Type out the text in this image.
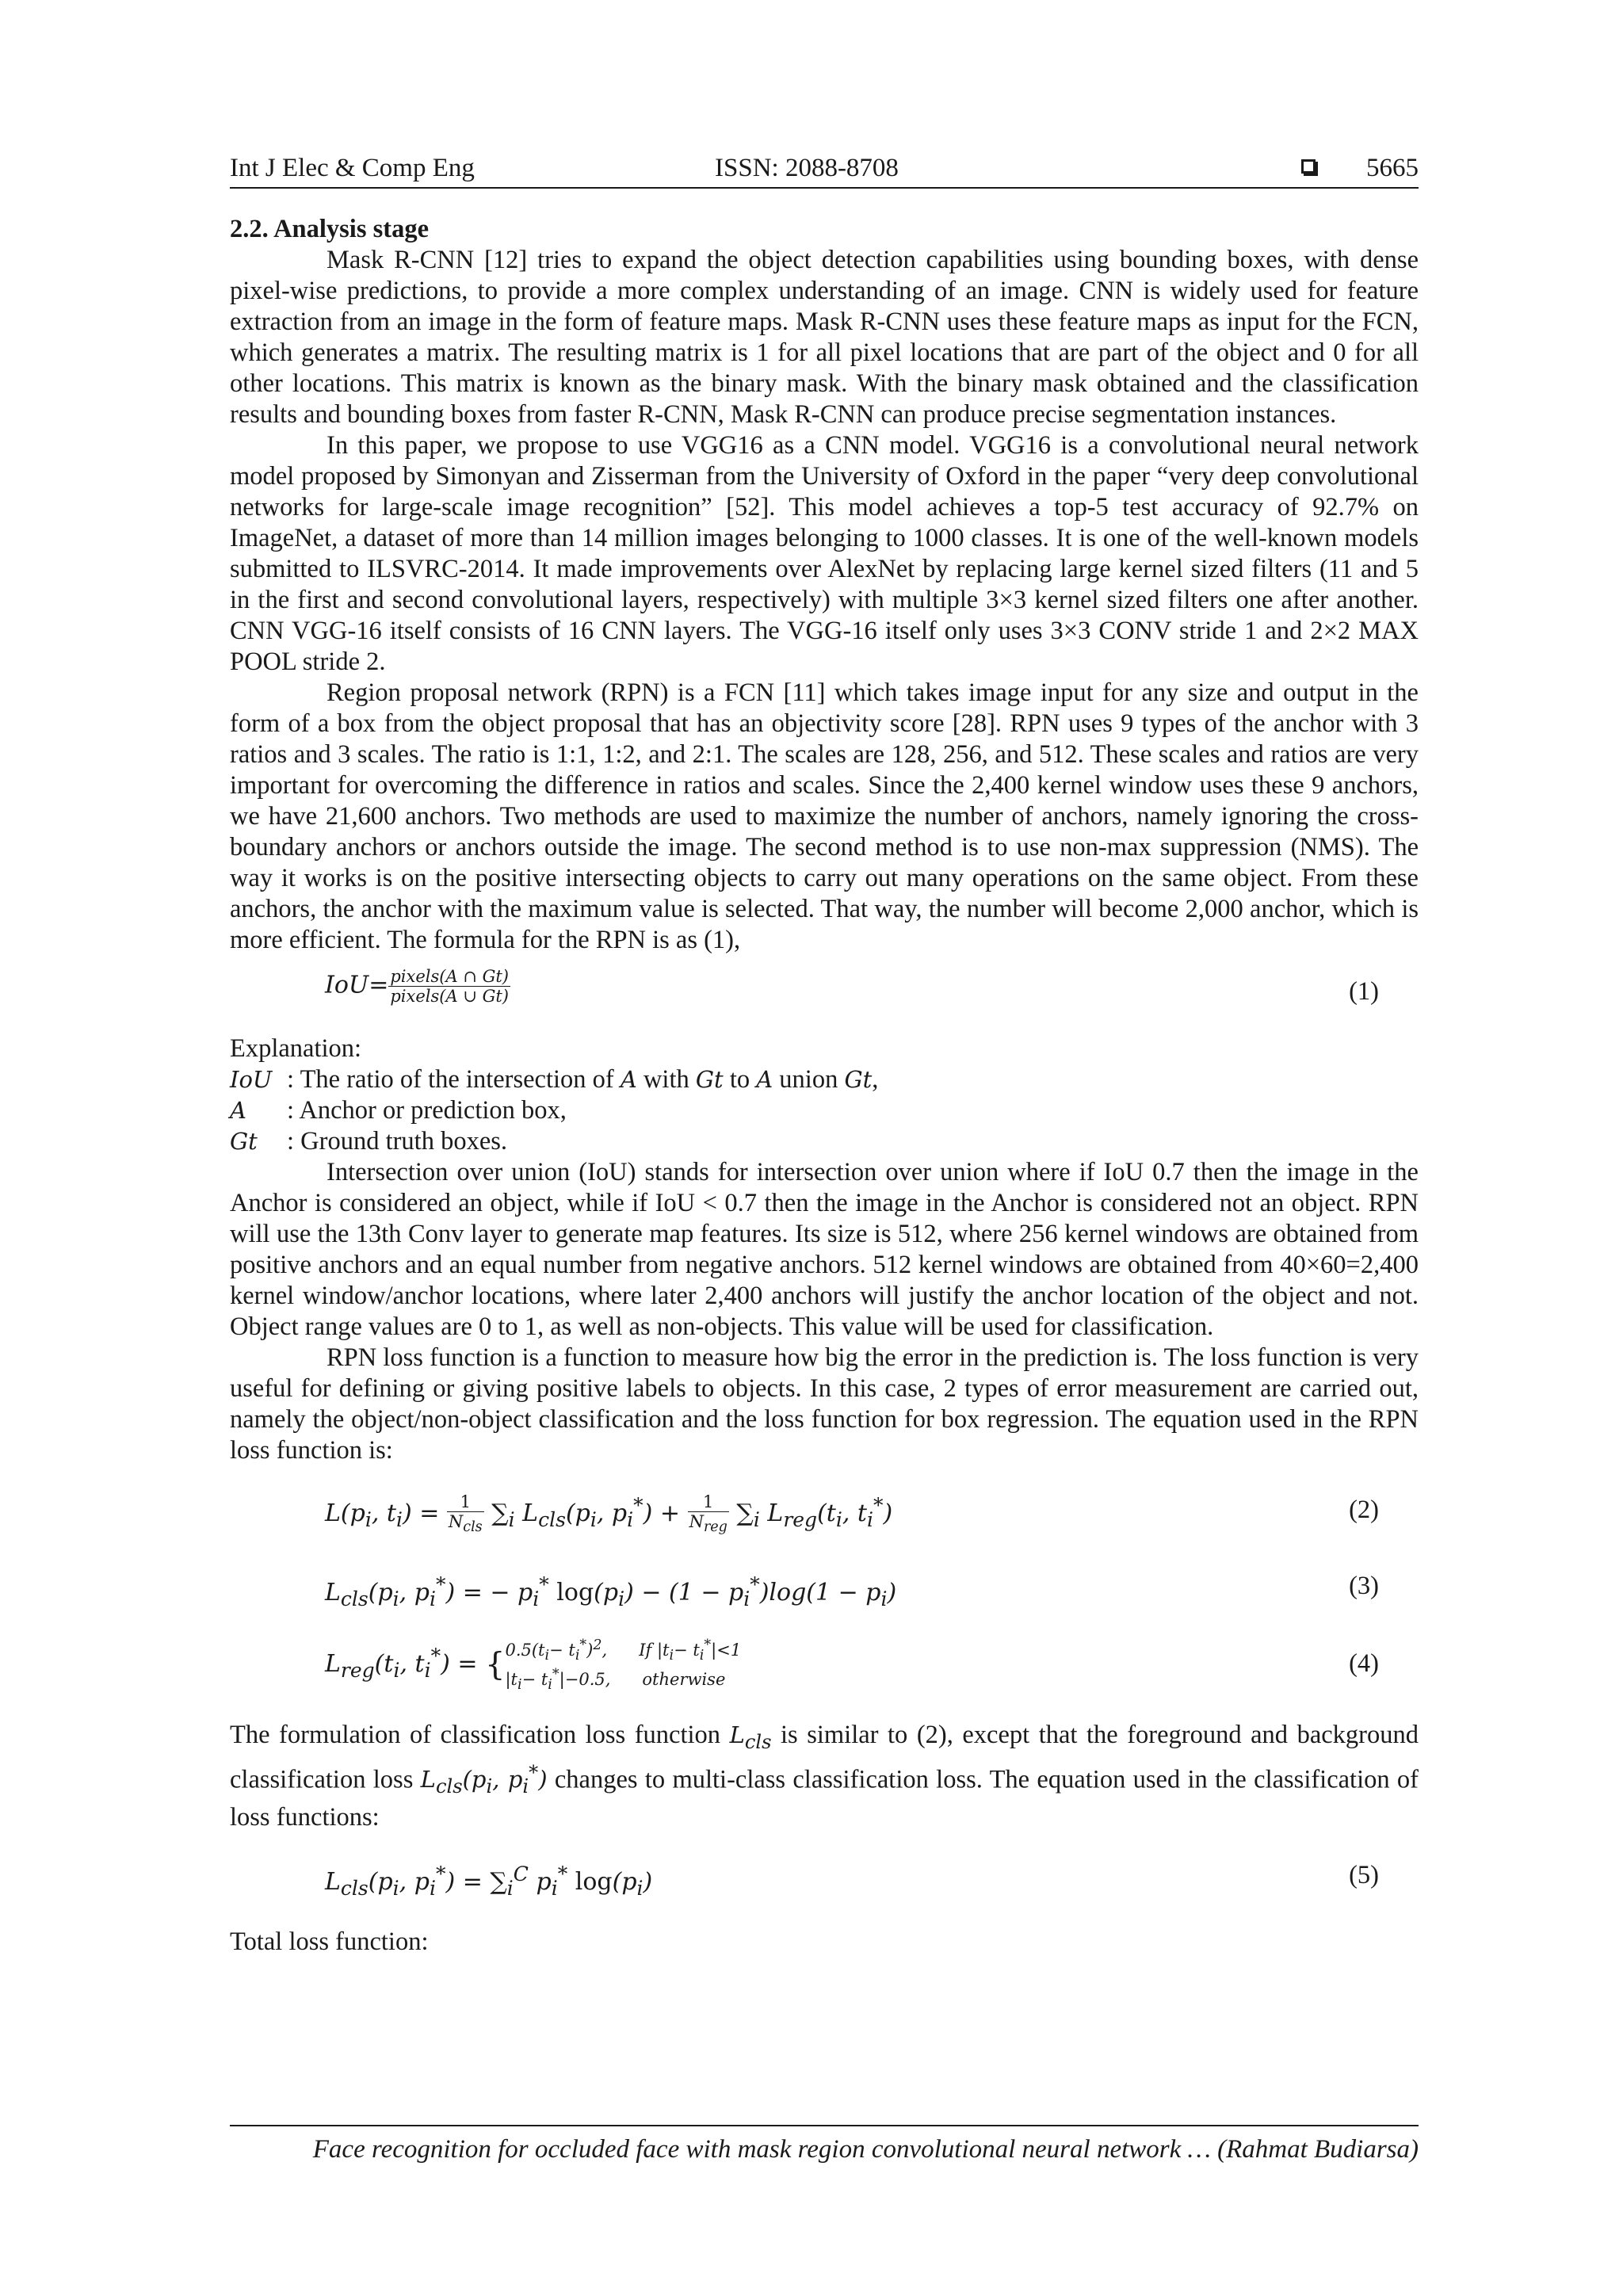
Int J Elec & Comp Eng	ISSN: 2088-8708	5665

2.2. Analysis stage

Mask R-CNN [12] tries to expand the object detection capabilities using bounding boxes, with dense pixel-wise predictions, to provide a more complex understanding of an image. CNN is widely used for feature extraction from an image in the form of feature maps. Mask R-CNN uses these feature maps as input for the FCN, which generates a matrix. The resulting matrix is 1 for all pixel locations that are part of the object and 0 for all other locations. This matrix is known as the binary mask. With the binary mask obtained and the classification results and bounding boxes from faster R-CNN, Mask R-CNN can produce precise segmentation instances.

In this paper, we propose to use VGG16 as a CNN model. VGG16 is a convolutional neural network model proposed by Simonyan and Zisserman from the University of Oxford in the paper “very deep convolutional networks for large-scale image recognition” [52]. This model achieves a top-5 test accuracy of 92.7% on ImageNet, a dataset of more than 14 million images belonging to 1000 classes. It is one of the well-known models submitted to ILSVRC-2014. It made improvements over AlexNet by replacing large kernel sized filters (11 and 5 in the first and second convolutional layers, respectively) with multiple 3×3 kernel sized filters one after another. CNN VGG-16 itself consists of 16 CNN layers. The VGG-16 itself only uses 3×3 CONV stride 1 and 2×2 MAX POOL stride 2.

Region proposal network (RPN) is a FCN [11] which takes image input for any size and output in the form of a box from the object proposal that has an objectivity score [28]. RPN uses 9 types of the anchor with 3 ratios and 3 scales. The ratio is 1:1, 1:2, and 2:1. The scales are 128, 256, and 512. These scales and ratios are very important for overcoming the difference in ratios and scales. Since the 2,400 kernel window uses these 9 anchors, we have 21,600 anchors. Two methods are used to maximize the number of anchors, namely ignoring the cross-boundary anchors or anchors outside the image. The second method is to use non-max suppression (NMS). The way it works is on the positive intersecting objects to carry out many operations on the same object. From these anchors, the anchor with the maximum value is selected. That way, the number will become 2,000 anchor, which is more efficient. The formula for the RPN is as (1),

$IoU= \frac{\text{pixels(A ∩ Gt)}}{\text{pixels(A ∪ Gt)}}$	(1)

Explanation:

IoU : The ratio of the intersection of A with Gt to A union Gt,
A : Anchor or prediction box,
Gt : Ground truth boxes.

Intersection over union (IoU) stands for intersection over union where if IoU 0.7 then the image in the Anchor is considered an object, while if IoU < 0.7 then the image in the Anchor is considered not an object. RPN will use the 13th Conv layer to generate map features. Its size is 512, where 256 kernel windows are obtained from positive anchors and an equal number from negative anchors. 512 kernel windows are obtained from 40×60=2,400 kernel window/anchor locations, where later 2,400 anchors will justify the anchor location of the object and not. Object range values are 0 to 1, as well as non-objects. This value will be used for classification.

RPN loss function is a function to measure how big the error in the prediction is. The loss function is very useful for defining or giving positive labels to objects. In this case, 2 types of error measurement are carried out, namely the object/non-object classification and the loss function for box regression. The equation used in the RPN loss function is:

$L(p_i$, $t_i) = \frac{1}{N_{cls}} \sum_i$ $L_{cls}(p_i$, $p_i^*) + \frac{1}{N_{reg}} \sum_i$ $L_{reg}(t_i$, $t_i^*$)	(2)
$L_{cls}(p_i$, $p_i^*$) = − $p_i^*$ $\log(p_i) - (1 - p_i^*)\log(1 - p_i)$	(3)
$L_{reg}(t_i$, $t_i^*$) = { $0.5(t_i- t_i^*)^2$, If $|t_i- t_i^*|<1$
$|t_i- t_i^*|-0.5$, otherwise
(4)

The formulation of classification loss function $L_{cls}$ is similar to (2), except that the foreground and background classification loss $L_{cls}(p_i$, $p_i^*$) changes to multi-class classification loss. The equation used in the classification of loss functions:

$L_{cls}(p_i$, $p_i^*) = \sum_i^C$ $p_i^*$ $\log(p_i)$	(5)

Total loss function:

Face recognition for occluded face with mask region convolutional neural network … (Rahmat Budiarsa)
